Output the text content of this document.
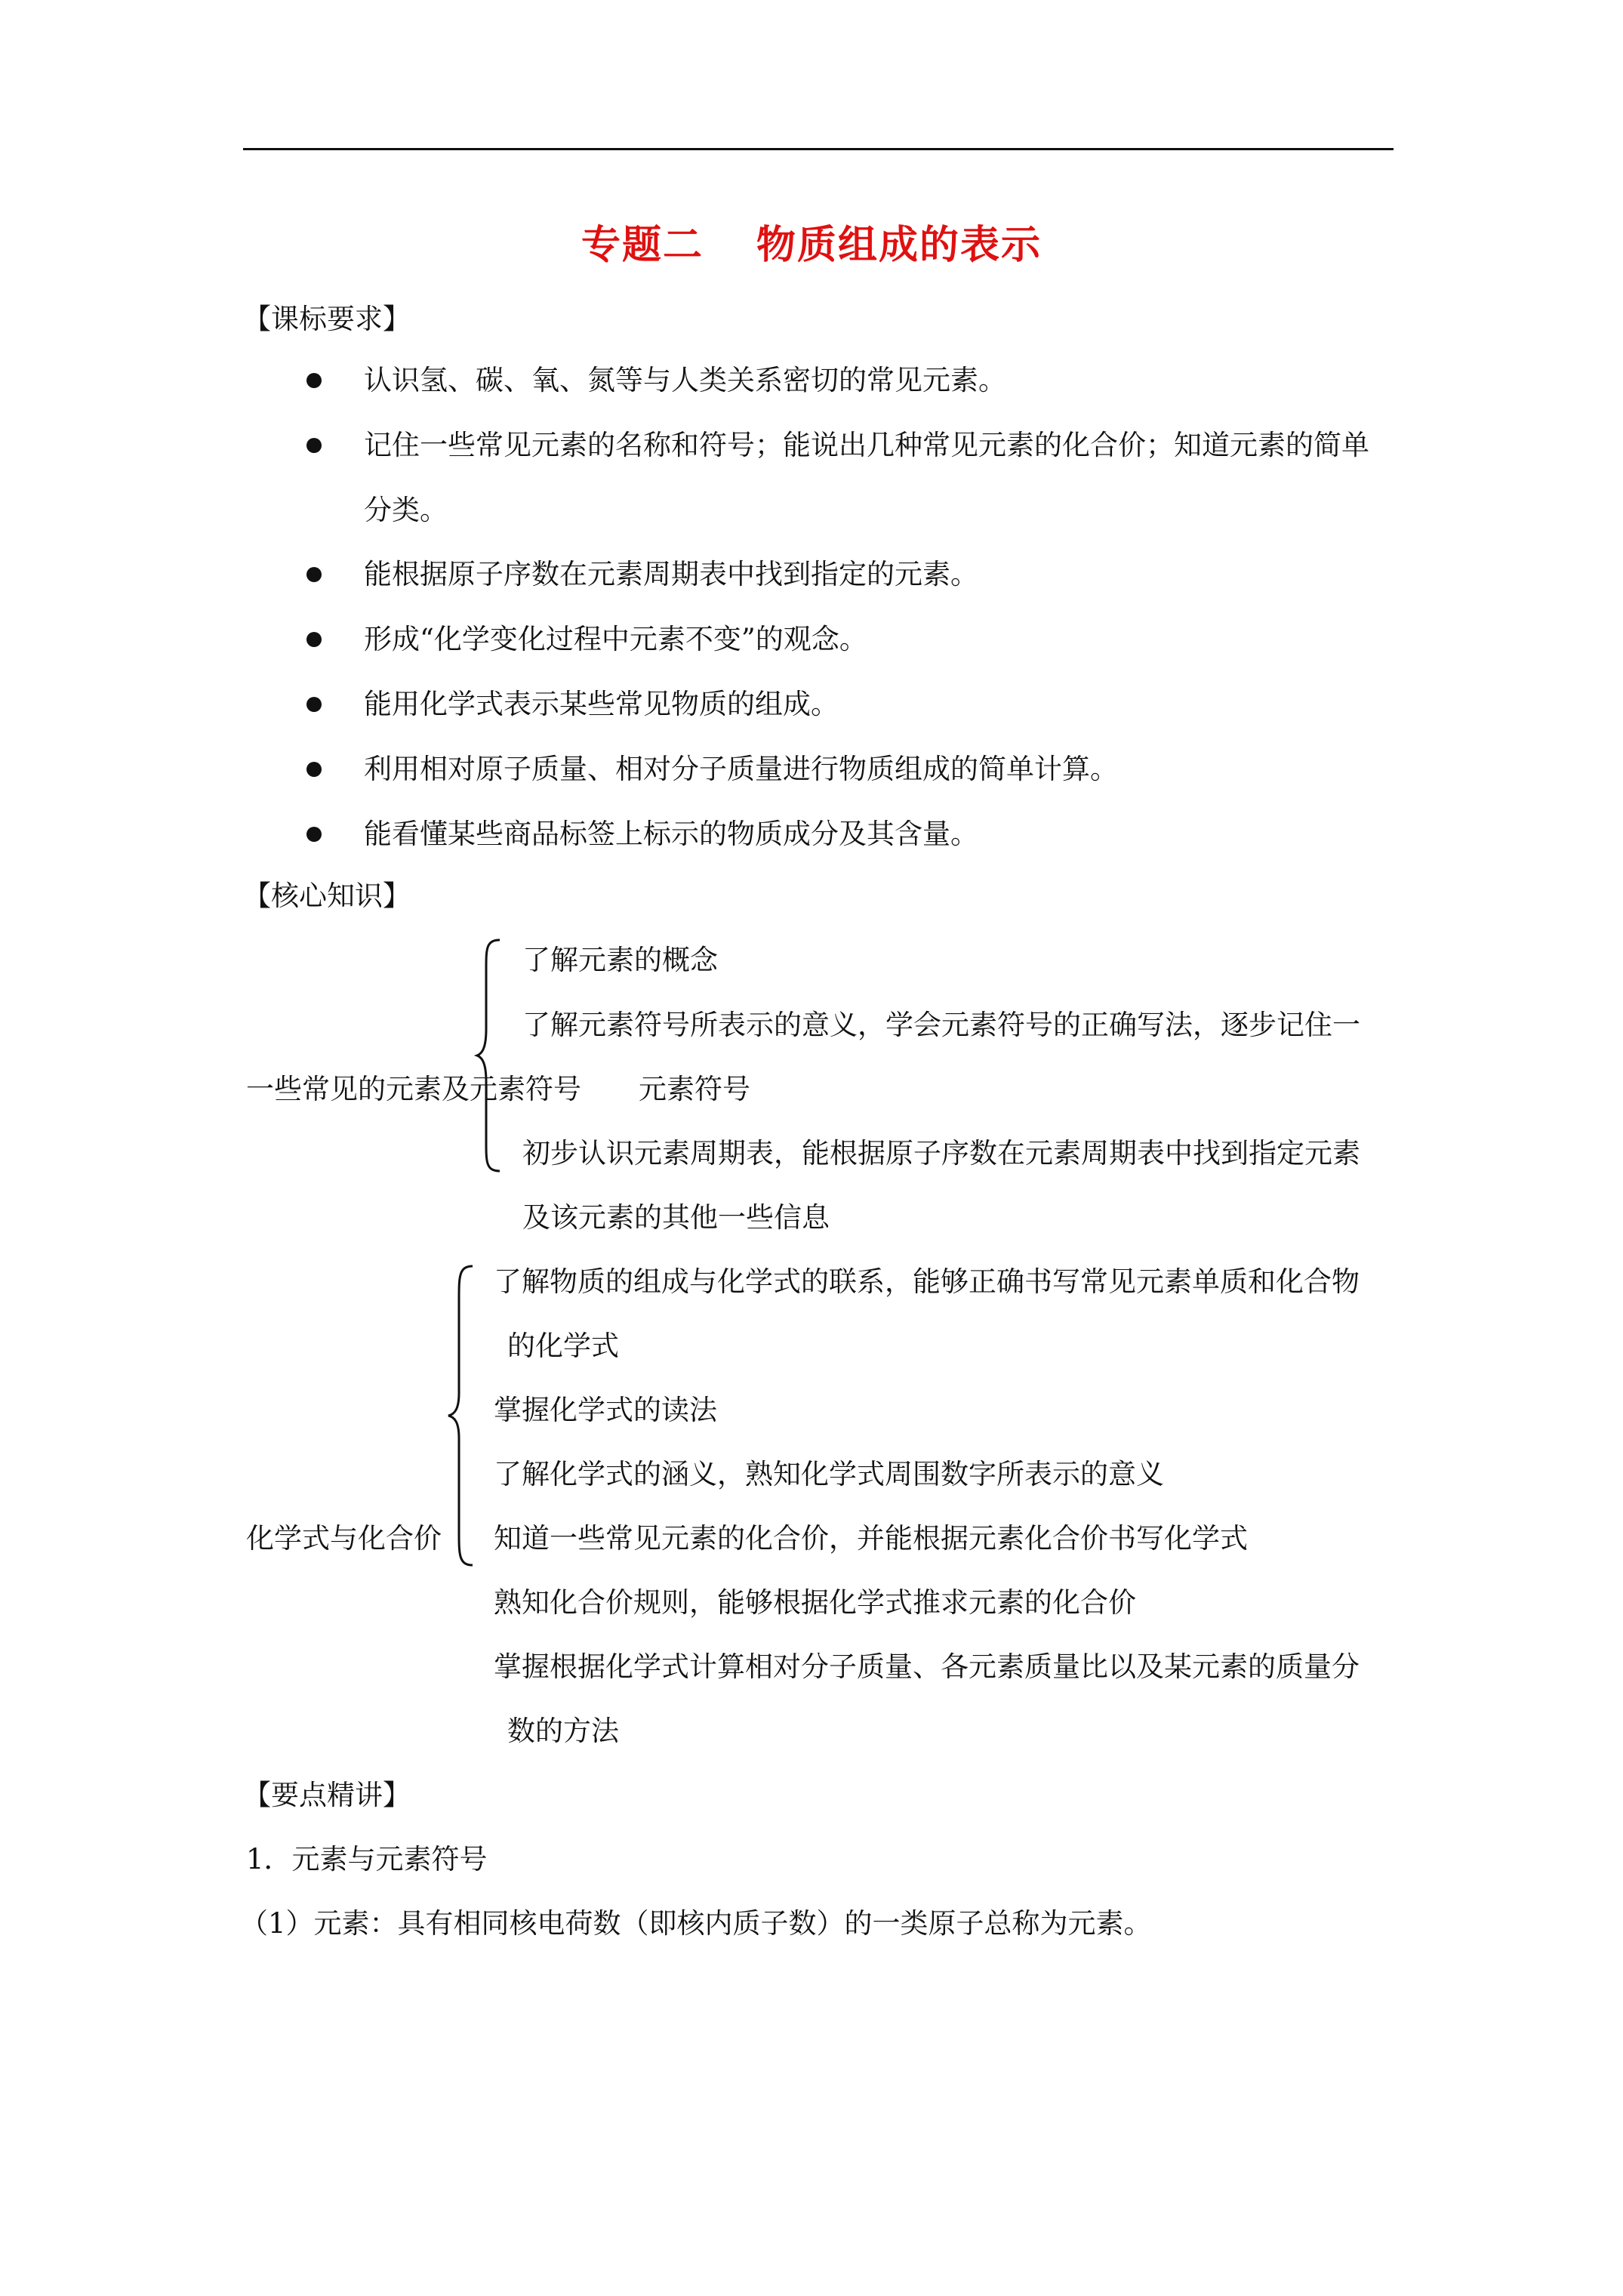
专题二 物质组成的表示
【课标要求】
认识氢、碳、氧、氮等与人类关系密切的常见元素。
记住一些常见元素的名称和符号；能说出几种常见元素的化合价；知道元素的简单
分类。
能根据原子序数在元素周期表中找到指定的元素。
形成“化学变化过程中元素不变”的观念。
能用化学式表示某些常见物质的组成。
利用相对原子质量、相对分子质量进行物质组成的简单计算。
能看懂某些商品标签上标示的物质成分及其含量。
【核心知识】
了解元素的概念
了解元素符号所表示的意义，学会元素符号的正确写法，逐步记住一
一些常见的元素及元素符号 元素符号
初步认识元素周期表，能根据原子序数在元素周期表中找到指定元素
及该元素的其他一些信息
了解物质的组成与化学式的联系，能够正确书写常见元素单质和化合物
的化学式
掌握化学式的读法
了解化学式的涵义，熟知化学式周围数字所表示的意义
化学式与化合价 知道一些常见元素的化合价，并能根据元素化合价书写化学式
熟知化合价规则，能够根据化学式推求元素的化合价
掌握根据化学式计算相对分子质量、各元素质量比以及某元素的质量分
数的方法
【要点精讲】
1．元素与元素符号
（1）元素：具有相同核电荷数（即核内质子数）的一类原子总称为元素。
